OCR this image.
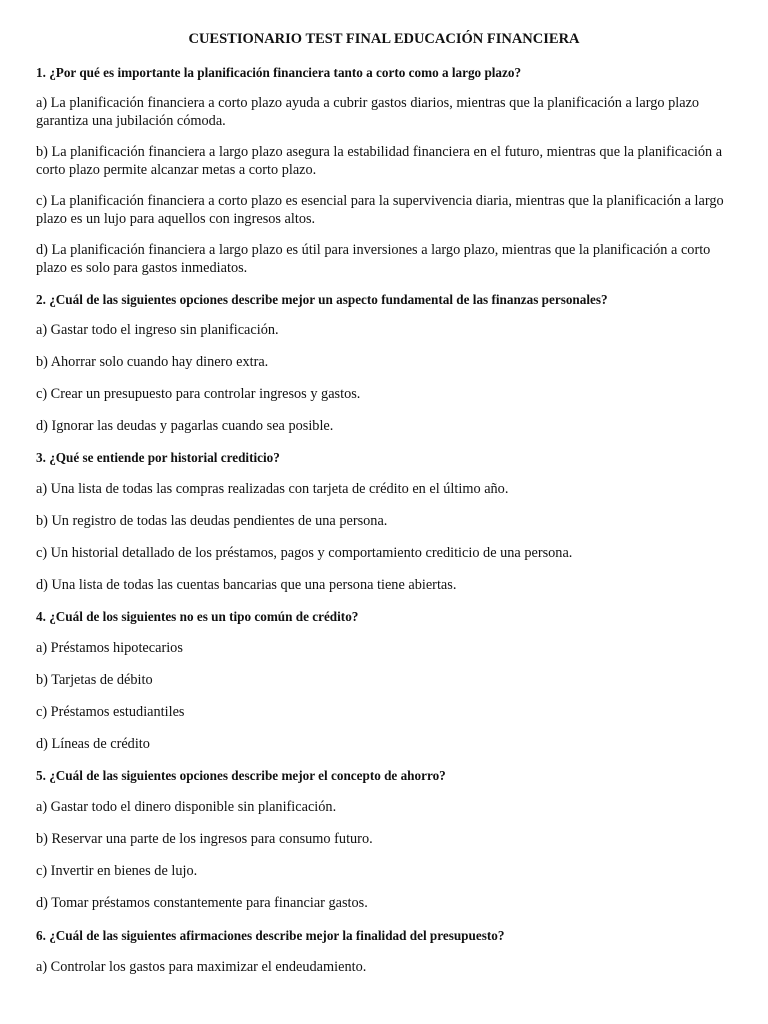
CUESTIONARIO TEST FINAL EDUCACIÓN FINANCIERA
1. ¿Por qué es importante la planificación financiera tanto a corto como a largo plazo?
a) La planificación financiera a corto plazo ayuda a cubrir gastos diarios, mientras que la planificación a largo plazo garantiza una jubilación cómoda.
b) La planificación financiera a largo plazo asegura la estabilidad financiera en el futuro, mientras que la planificación a corto plazo permite alcanzar metas a corto plazo.
c) La planificación financiera a corto plazo es esencial para la supervivencia diaria, mientras que la planificación a largo plazo es un lujo para aquellos con ingresos altos.
d) La planificación financiera a largo plazo es útil para inversiones a largo plazo, mientras que la planificación a corto plazo es solo para gastos inmediatos.
2. ¿Cuál de las siguientes opciones describe mejor un aspecto fundamental de las finanzas personales?
a) Gastar todo el ingreso sin planificación.
b) Ahorrar solo cuando hay dinero extra.
c) Crear un presupuesto para controlar ingresos y gastos.
d) Ignorar las deudas y pagarlas cuando sea posible.
3. ¿Qué se entiende por historial crediticio?
a) Una lista de todas las compras realizadas con tarjeta de crédito en el último año.
b) Un registro de todas las deudas pendientes de una persona.
c) Un historial detallado de los préstamos, pagos y comportamiento crediticio de una persona.
d) Una lista de todas las cuentas bancarias que una persona tiene abiertas.
4. ¿Cuál de los siguientes no es un tipo común de crédito?
a) Préstamos hipotecarios
b) Tarjetas de débito
c) Préstamos estudiantiles
d) Líneas de crédito
5. ¿Cuál de las siguientes opciones describe mejor el concepto de ahorro?
a) Gastar todo el dinero disponible sin planificación.
b) Reservar una parte de los ingresos para consumo futuro.
c) Invertir en bienes de lujo.
d) Tomar préstamos constantemente para financiar gastos.
6. ¿Cuál de las siguientes afirmaciones describe mejor la finalidad del presupuesto?
a) Controlar los gastos para maximizar el endeudamiento.
